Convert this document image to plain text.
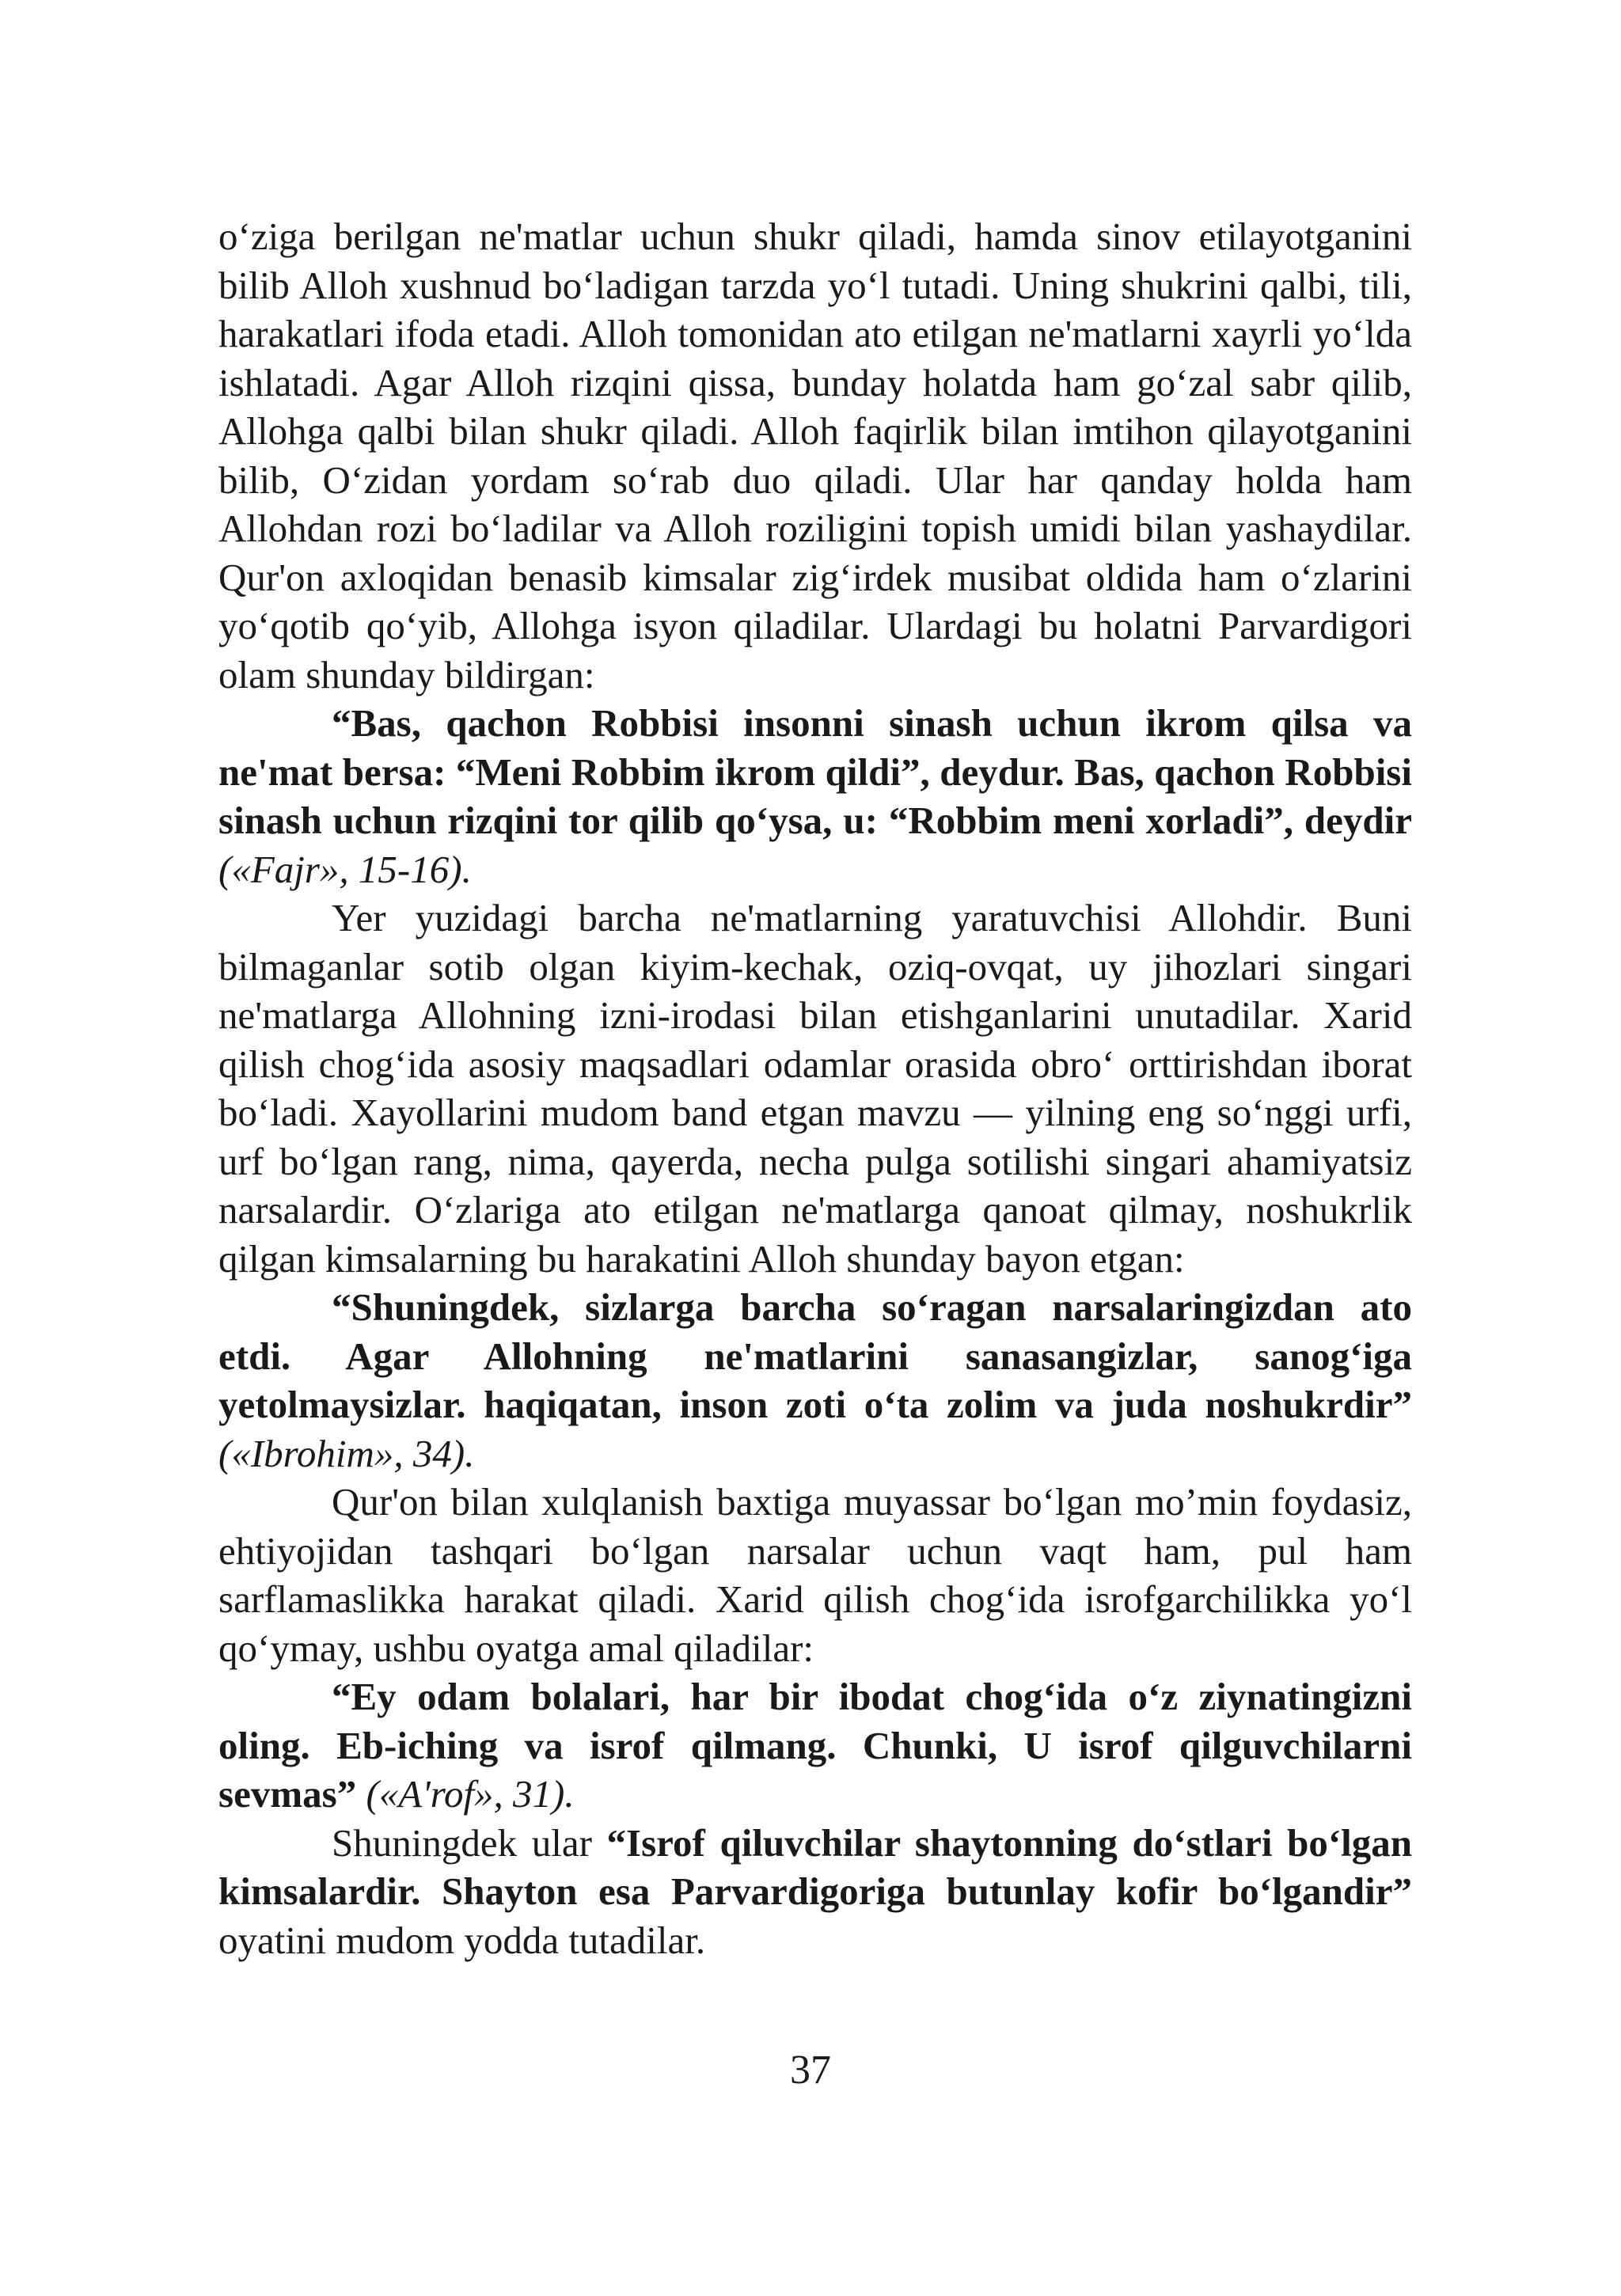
o‘ziga berilgan ne'matlar uchun shukr qiladi, hamda sinov etilayotganini bilib Alloh xushnud bo‘ladigan tarzda yo‘l tutadi. Uning shukrini qalbi, tili, harakatlari ifoda etadi. Alloh tomonidan ato etilgan ne'matlarni xayrli yo‘lda ishlatadi. Agar Alloh rizqini qissa, bunday holatda ham go‘zal sabr qilib, Allohga qalbi bilan shukr qiladi. Alloh faqirlik bilan imtihon qilayotganini bilib, O‘zidan yordam so‘rab duo qiladi. Ular har qanday holda ham Allohdan rozi bo‘ladilar va Alloh roziligini topish umidi bilan yashaydilar. Qur'on axloqidan benasib kimsalar zig‘irdek musibat oldida ham o‘zlarini yo‘qotib qo‘yib, Allohga isyon qiladilar. Ulardagi bu holatni Parvardigori olam shunday bildirgan:

“Bas, qachon Robbisi insonni sinash uchun ikrom qilsa va ne'mat bersa: “Meni Robbim ikrom qildi”, deydur. Bas, qachon Robbisi sinash uchun rizqini tor qilib qo‘ysa, u: “Robbim meni xorladi”, deydir («Fajr», 15-16).

Yer yuzidagi barcha ne'matlarning yaratuvchisi Allohdir. Buni bilmaganlar sotib olgan kiyim-kechak, oziq-ovqat, uy jihozlari singari ne'matlarga Allohning izni-irodasi bilan etishganlarini unutadilar. Xarid qilish chog‘ida asosiy maqsadlari odamlar orasida obro‘ orttirishdan iborat bo‘ladi. Xayollarini mudom band etgan mavzu — yilning eng so‘nggi urfi, urf bo‘lgan rang, nima, qayerda, necha pulga sotilishi singari ahamiyatsiz narsalardir. O‘zlariga ato etilgan ne'matlarga qanoat qilmay, noshukrlik qilgan kimsalarning bu harakatini Alloh shunday bayon etgan:

“Shuningdek, sizlarga barcha so‘ragan narsalaringizdan ato etdi. Agar Allohning ne'matlarini sanasangizlar, sanog‘iga yetolmaysizlar. haqiqatan, inson zoti o‘ta zolim va juda noshukrdir” («Ibrohim», 34).

Qur'on bilan xulqlanish baxtiga muyassar bo‘lgan mo’min foydasiz, ehtiyojidan tashqari bo‘lgan narsalar uchun vaqt ham, pul ham sarflamaslikka harakat qiladi. Xarid qilish chog‘ida isrofgarchilikka yo‘l qo‘ymay, ushbu oyatga amal qiladilar:

“Ey odam bolalari, har bir ibodat chog‘ida o‘z ziynatingizni oling. Eb-iching va isrof qilmang. Chunki, U isrof qilguvchilarni sevmas” («A'rof», 31).

Shuningdek ular “Isrof qiluvchilar shaytonning do‘stlari bo‘lgan kimsalardir. Shayton esa Parvardigoriga butunlay kofir bo‘lgandir” oyatini mudom yodda tutadilar.

37
